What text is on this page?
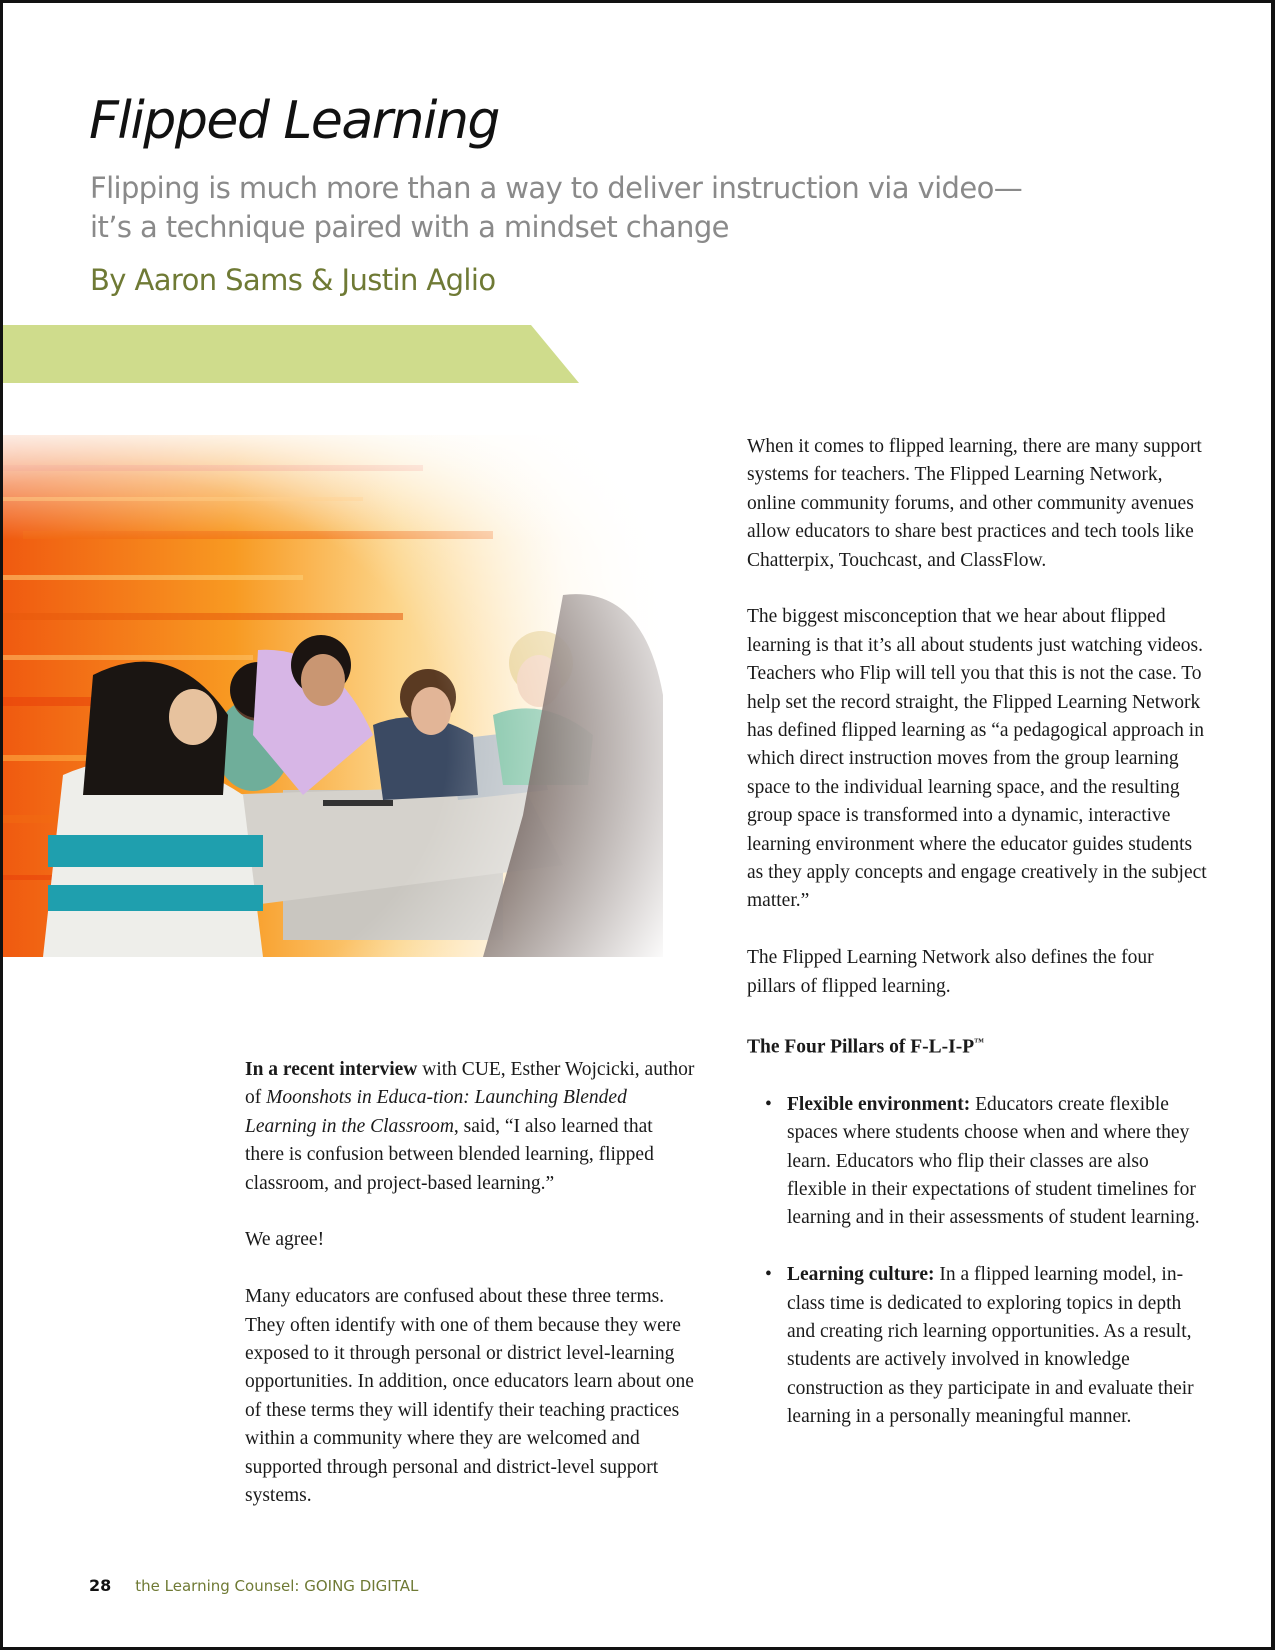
Flipped Learning
Flipping is much more than a way to deliver instruction via video—
it’s a technique paired with a mindset change
By Aaron Sams & Justin Aglio

In a recent interview with CUE, Esther Wojcicki, author of Moonshots in Educa-tion: Launching Blended Learning in the Classroom, said, “I also learned that there is confusion between blended learning, flipped classroom, and project-based learning.”

We agree!

Many educators are confused about these three terms. They often identify with one of them because they were exposed to it through personal or district level-learning opportunities. In addition, once educators learn about one of these terms they will identify their teaching practices within a community where they are welcomed and supported through personal and district-level support systems.

When it comes to flipped learning, there are many support systems for teachers. The Flipped Learning Network, online community forums, and other community avenues allow educators to share best practices and tech tools like Chatterpix, Touchcast, and ClassFlow.

The biggest misconception that we hear about flipped learning is that it’s all about students just watching videos. Teachers who Flip will tell you that this is not the case. To help set the record straight, the Flipped Learning Network has defined flipped learning as “a pedagogical approach in which direct instruction moves from the group learning space to the individual learning space, and the resulting group space is transformed into a dynamic, interactive learning environment where the educator guides students as they apply concepts and engage creatively in the subject matter.”

The Flipped Learning Network also defines the four pillars of flipped learning.

The Four Pillars of F-L-I-P™

• Flexible environment: Educators create flexible spaces where students choose when and where they learn. Educators who flip their classes are also flexible in their expectations of student timelines for learning and in their assessments of student learning.
• Learning culture: In a flipped learning model, in-class time is dedicated to exploring topics in depth and creating rich learning opportunities. As a result, students are actively involved in knowledge construction as they participate in and evaluate their learning in a personally meaningful manner.
28 the Learning Counsel: GOING DIGITAL
